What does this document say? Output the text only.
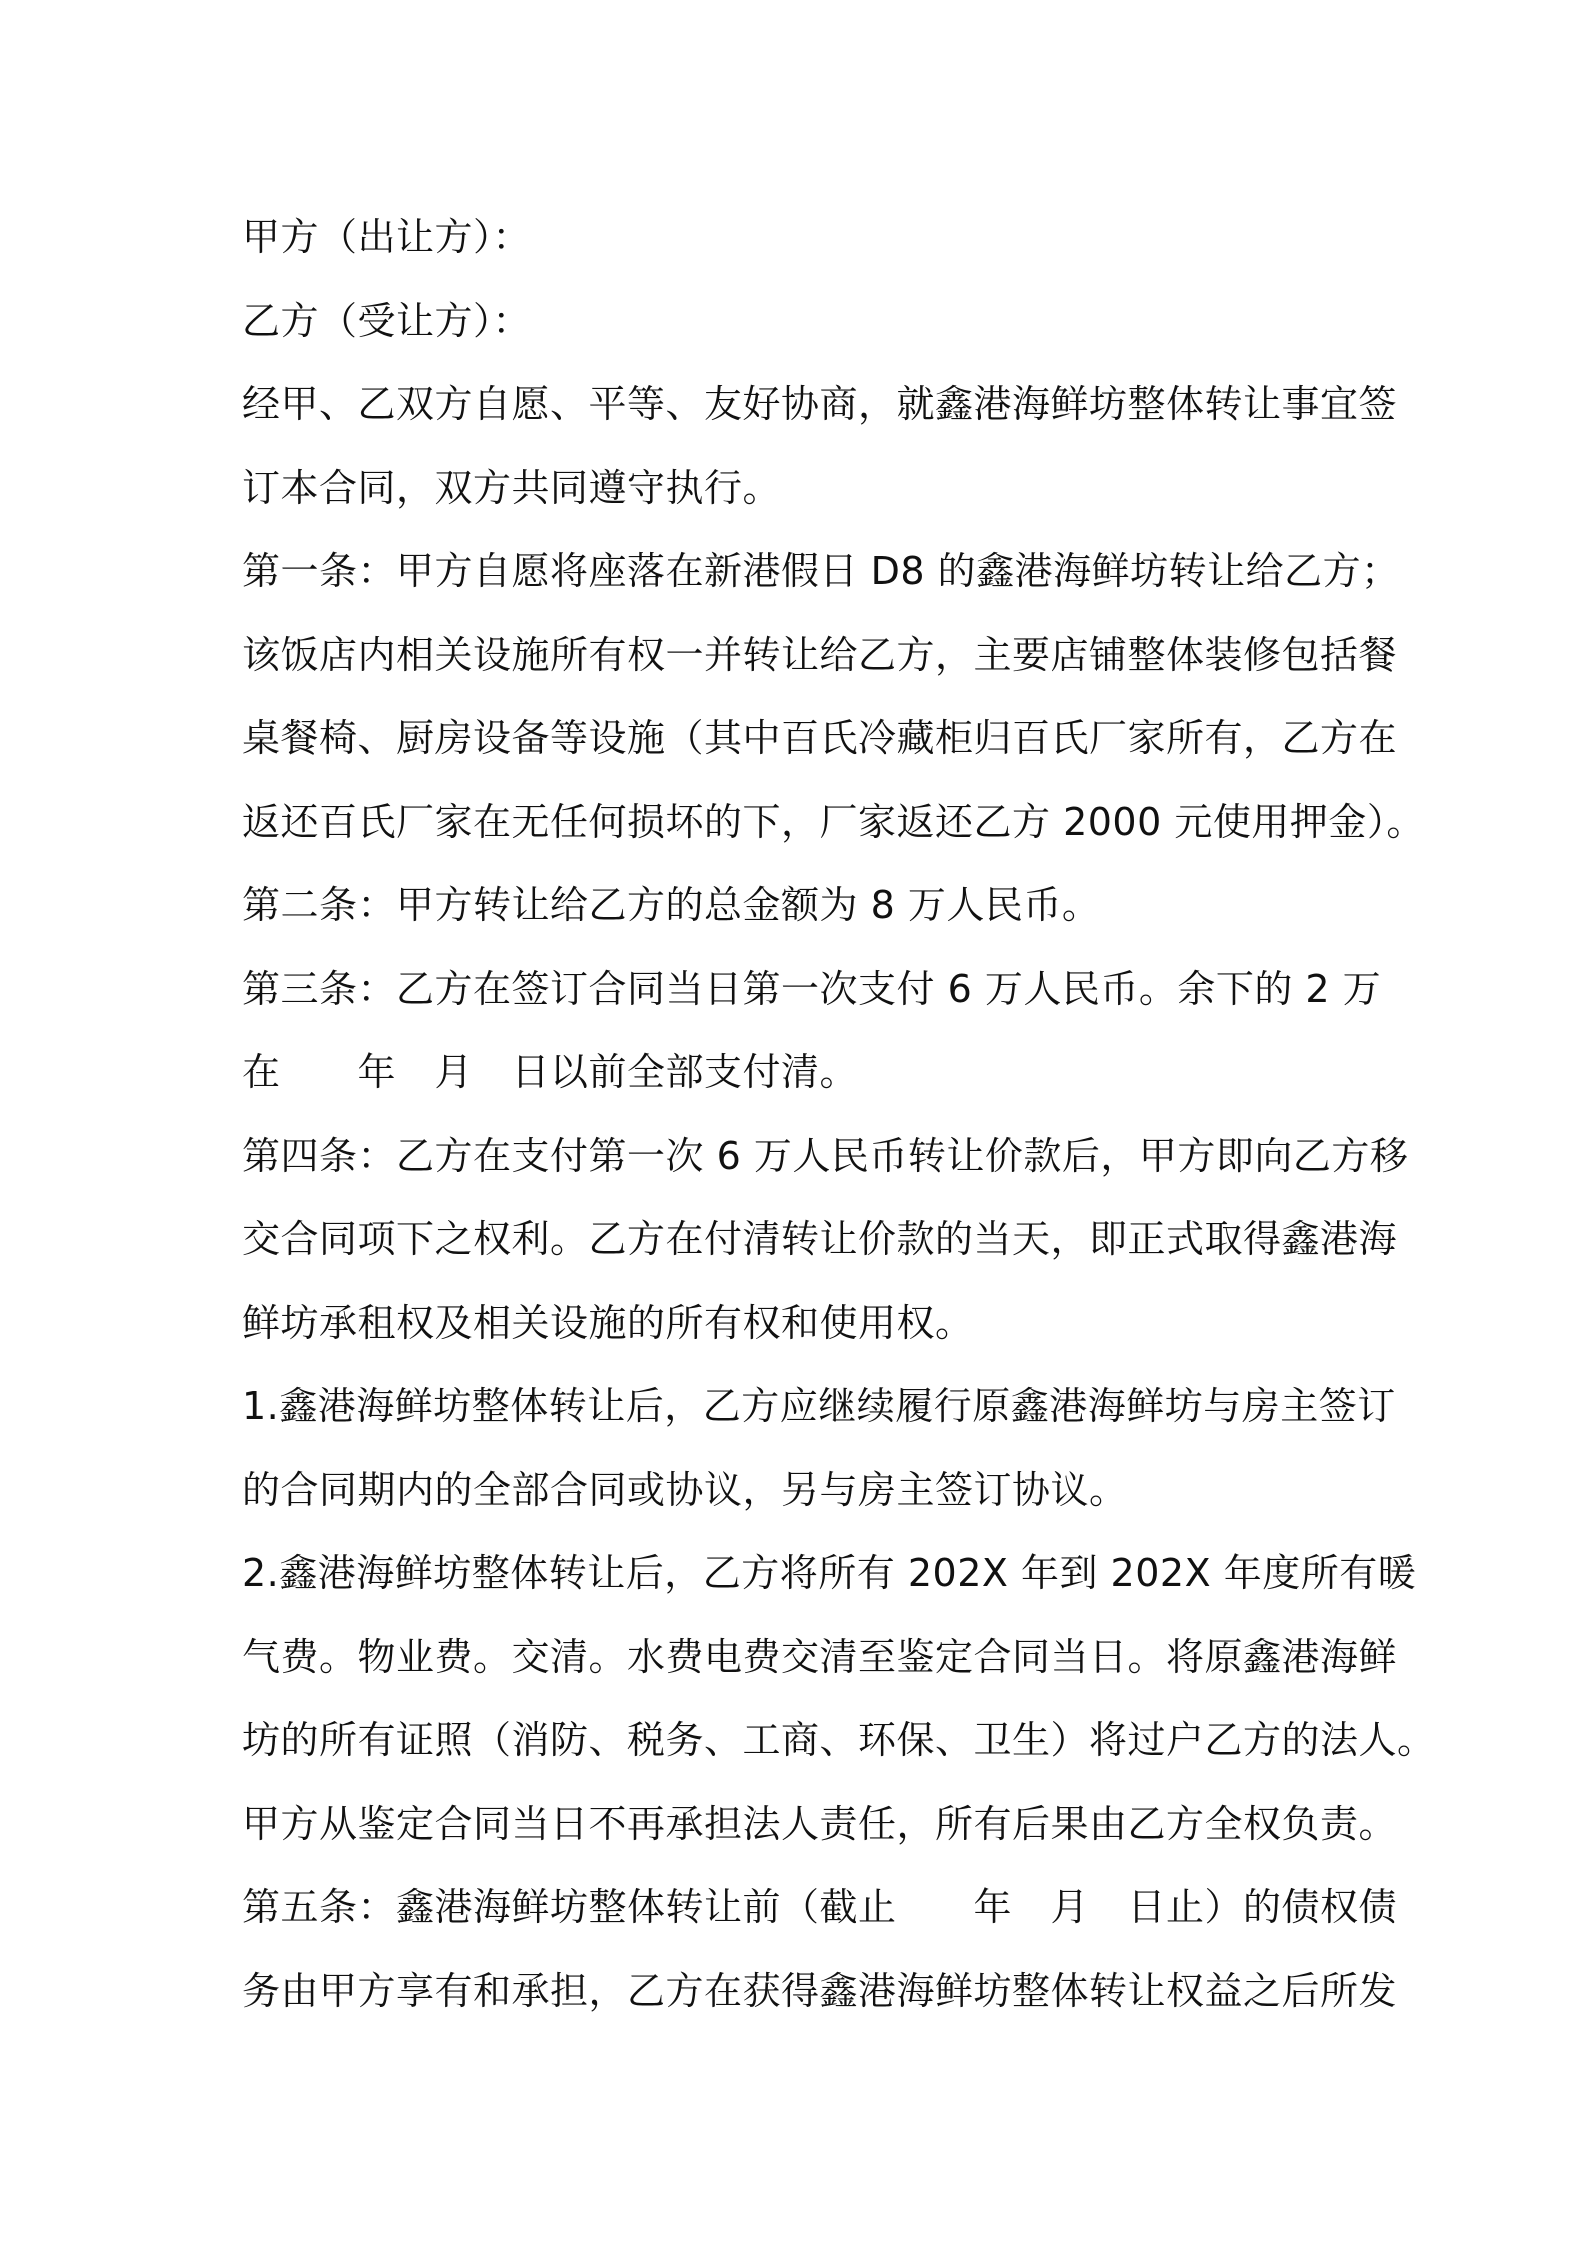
甲方（出让方）：
乙方（受让方）：
经甲、乙双方自愿、平等、友好协商，就鑫港海鲜坊整体转让事宜签
订本合同，双方共同遵守执行。
第一条：甲方自愿将座落在新港假日 D8 的鑫港海鲜坊转让给乙方；
该饭店内相关设施所有权一并转让给乙方，主要店铺整体装修包括餐
桌餐椅、厨房设备等设施（其中百氏冷藏柜归百氏厂家所有，乙方在
返还百氏厂家在无任何损坏的下，厂家返还乙方 2000 元使用押金）。
第二条：甲方转让给乙方的总金额为 8 万人民币。
第三条：乙方在签订合同当日第一次支付 6 万人民币。余下的 2 万
在　　年　月　日以前全部支付清。
第四条：乙方在支付第一次 6 万人民币转让价款后，甲方即向乙方移
交合同项下之权利。乙方在付清转让价款的当天，即正式取得鑫港海
鲜坊承租权及相关设施的所有权和使用权。
1.鑫港海鲜坊整体转让后，乙方应继续履行原鑫港海鲜坊与房主签订
的合同期内的全部合同或协议，另与房主签订协议。
2.鑫港海鲜坊整体转让后，乙方将所有 202X 年到 202X 年度所有暖
气费。物业费。交清。水费电费交清至鉴定合同当日。将原鑫港海鲜
坊的所有证照（消防、税务、工商、环保、卫生）将过户乙方的法人。
甲方从鉴定合同当日不再承担法人责任，所有后果由乙方全权负责。
第五条：鑫港海鲜坊整体转让前（截止　　年　月　日止）的债权债
务由甲方享有和承担，乙方在获得鑫港海鲜坊整体转让权益之后所发
